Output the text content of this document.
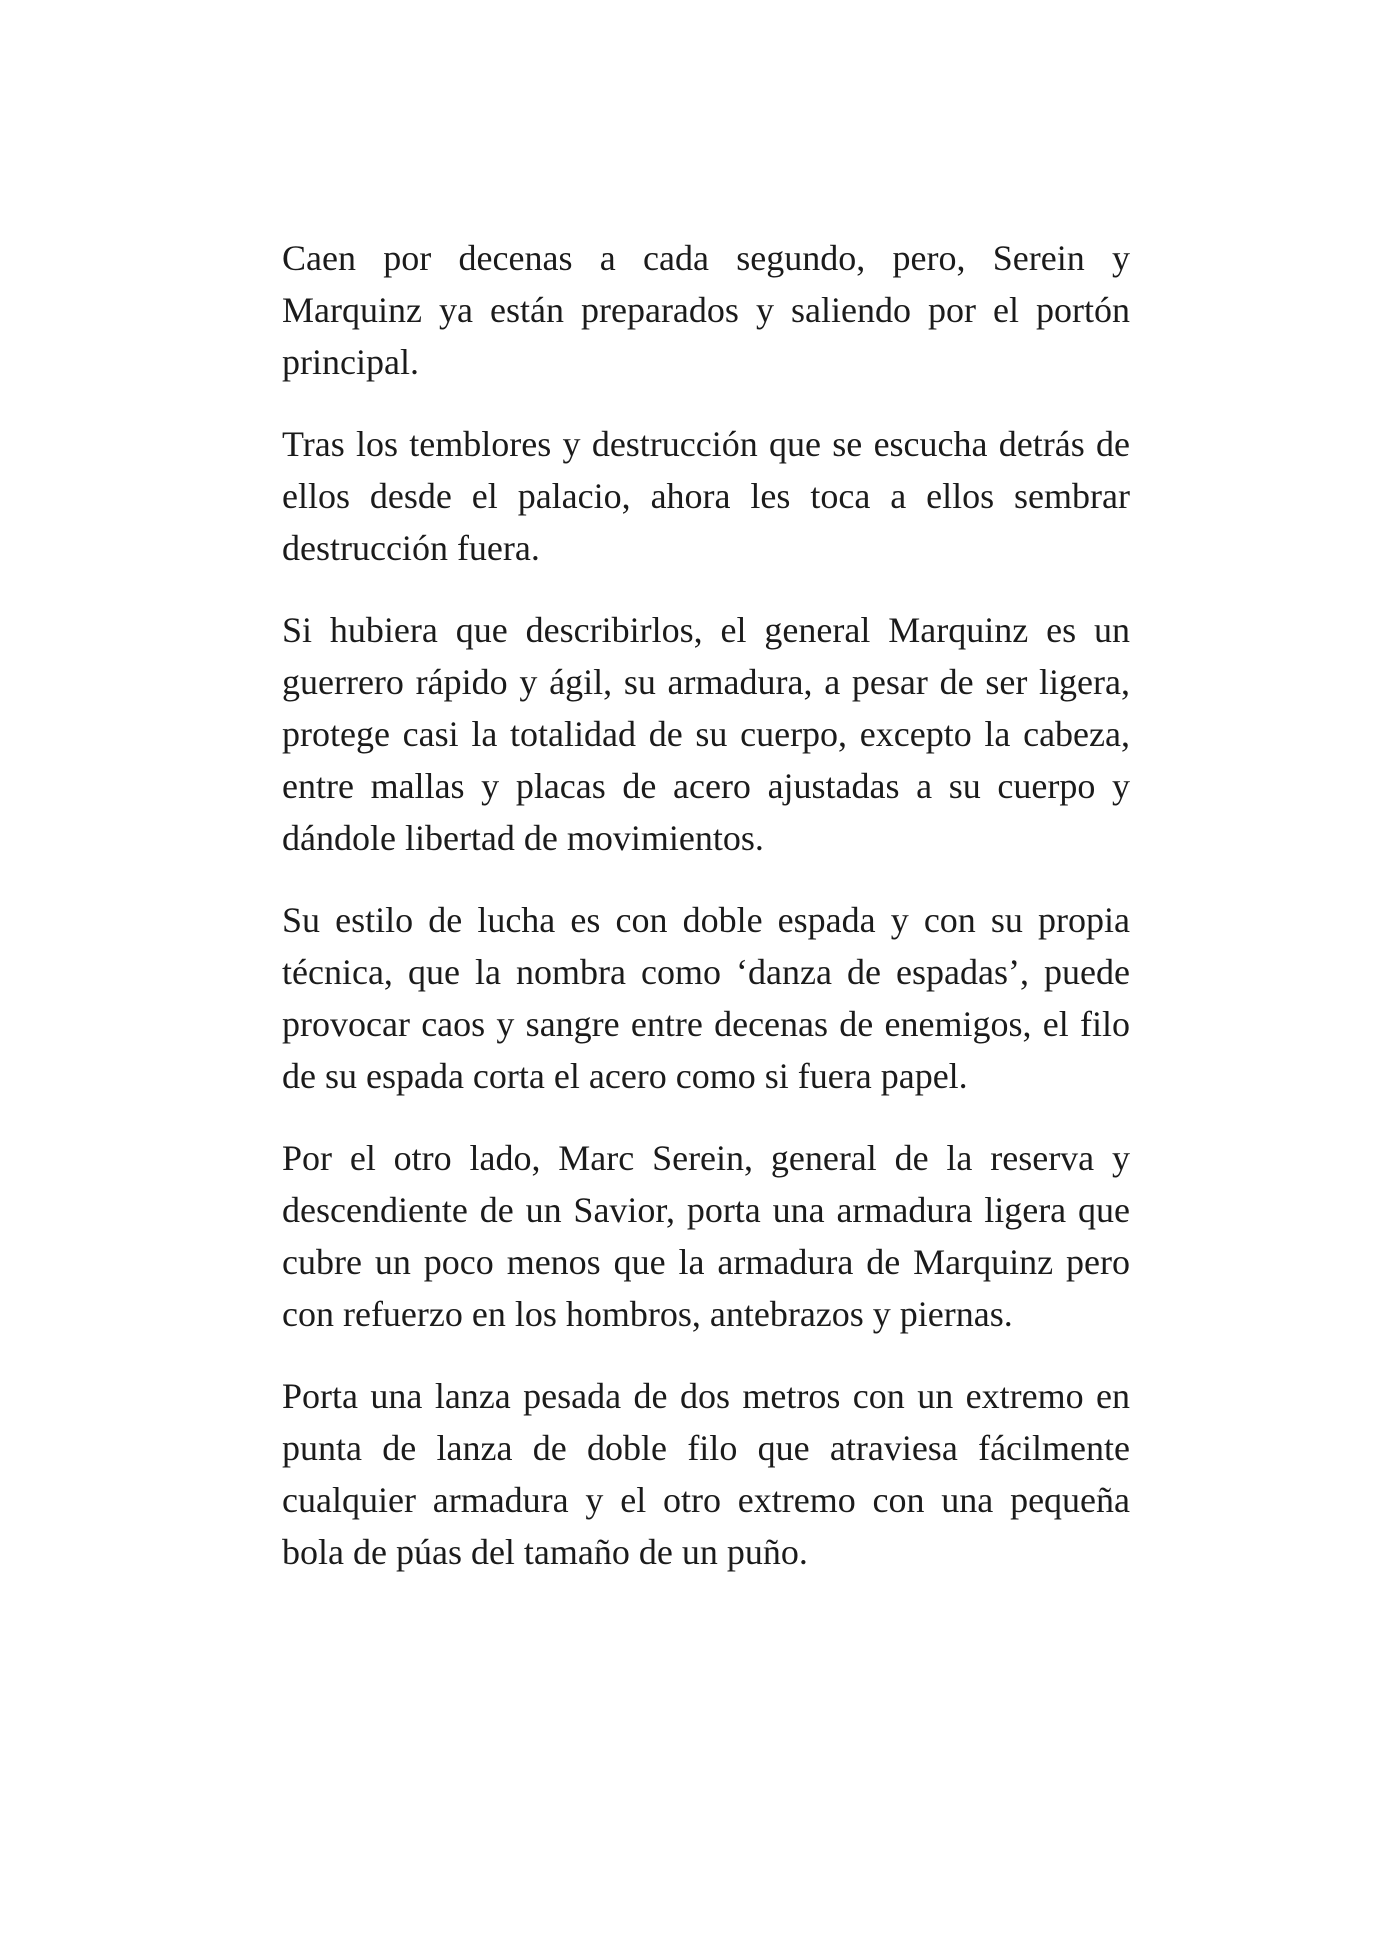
Caen por decenas a cada segundo, pero, Serein y Marquinz ya están preparados y saliendo por el portón principal.

Tras los temblores y destrucción que se escucha detrás de ellos desde el palacio, ahora les toca a ellos sembrar destrucción fuera.

Si hubiera que describirlos, el general Marquinz es un guerrero rápido y ágil, su armadura, a pesar de ser ligera, protege casi la totalidad de su cuerpo, excepto la cabeza, entre mallas y placas de acero ajustadas a su cuerpo y dándole libertad de movimientos.

Su estilo de lucha es con doble espada y con su propia técnica, que la nombra como ‘danza de espadas’, puede provocar caos y sangre entre decenas de enemigos, el filo de su espada corta el acero como si fuera papel.

Por el otro lado, Marc Serein, general de la reserva y descendiente de un Savior, porta una armadura ligera que cubre un poco menos que la armadura de Marquinz pero con refuerzo en los hombros, antebrazos y piernas.

Porta una lanza pesada de dos metros con un extremo en punta de lanza de doble filo que atraviesa fácilmente cualquier armadura y el otro extremo con una pequeña bola de púas del tamaño de un puño.
